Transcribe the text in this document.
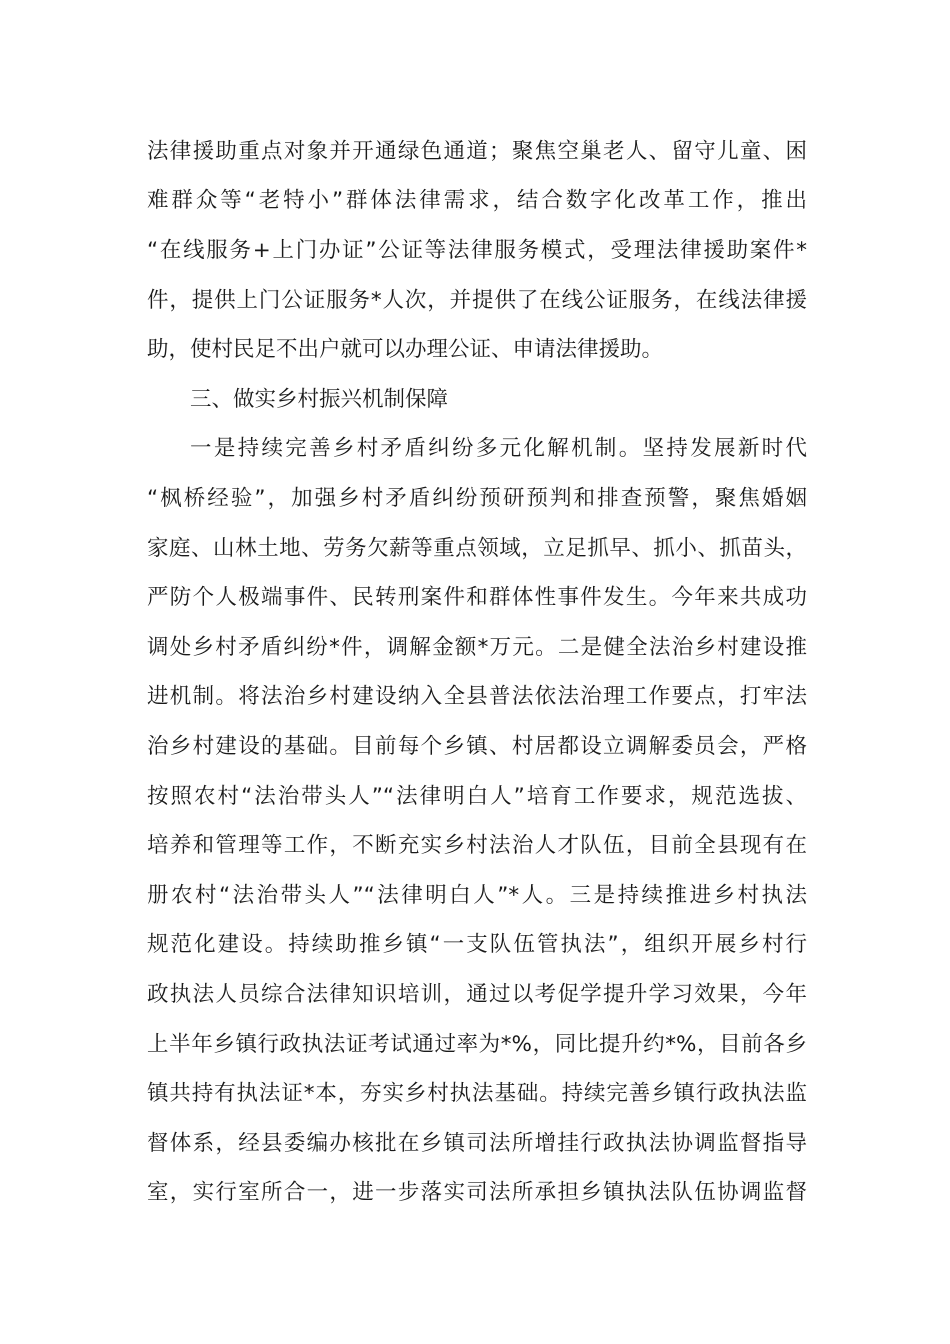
法律援助重点对象并开通绿色通道；聚焦空巢老人、留守儿童、困
难群众等“老特小”群体法律需求，结合数字化改革工作，推出
“在线服务+上门办证”公证等法律服务模式，受理法律援助案件*
件，提供上门公证服务*人次，并提供了在线公证服务，在线法律援
助，使村民足不出户就可以办理公证、申请法律援助。
三、做实乡村振兴机制保障
一是持续完善乡村矛盾纠纷多元化解机制。坚持发展新时代
“枫桥经验”，加强乡村矛盾纠纷预研预判和排查预警，聚焦婚姻
家庭、山林土地、劳务欠薪等重点领域，立足抓早、抓小、抓苗头，
严防个人极端事件、民转刑案件和群体性事件发生。今年来共成功
调处乡村矛盾纠纷*件，调解金额*万元。二是健全法治乡村建设推
进机制。将法治乡村建设纳入全县普法依法治理工作要点，打牢法
治乡村建设的基础。目前每个乡镇、村居都设立调解委员会，严格
按照农村“法治带头人”“法律明白人”培育工作要求，规范选拔、
培养和管理等工作，不断充实乡村法治人才队伍，目前全县现有在
册农村“法治带头人”“法律明白人”*人。三是持续推进乡村执法
规范化建设。持续助推乡镇“一支队伍管执法”，组织开展乡村行
政执法人员综合法律知识培训，通过以考促学提升学习效果，今年
上半年乡镇行政执法证考试通过率为*%，同比提升约*%，目前各乡
镇共持有执法证*本，夯实乡村执法基础。持续完善乡镇行政执法监
督体系，经县委编办核批在乡镇司法所增挂行政执法协调监督指导
室，实行室所合一，进一步落实司法所承担乡镇执法队伍协调监督
